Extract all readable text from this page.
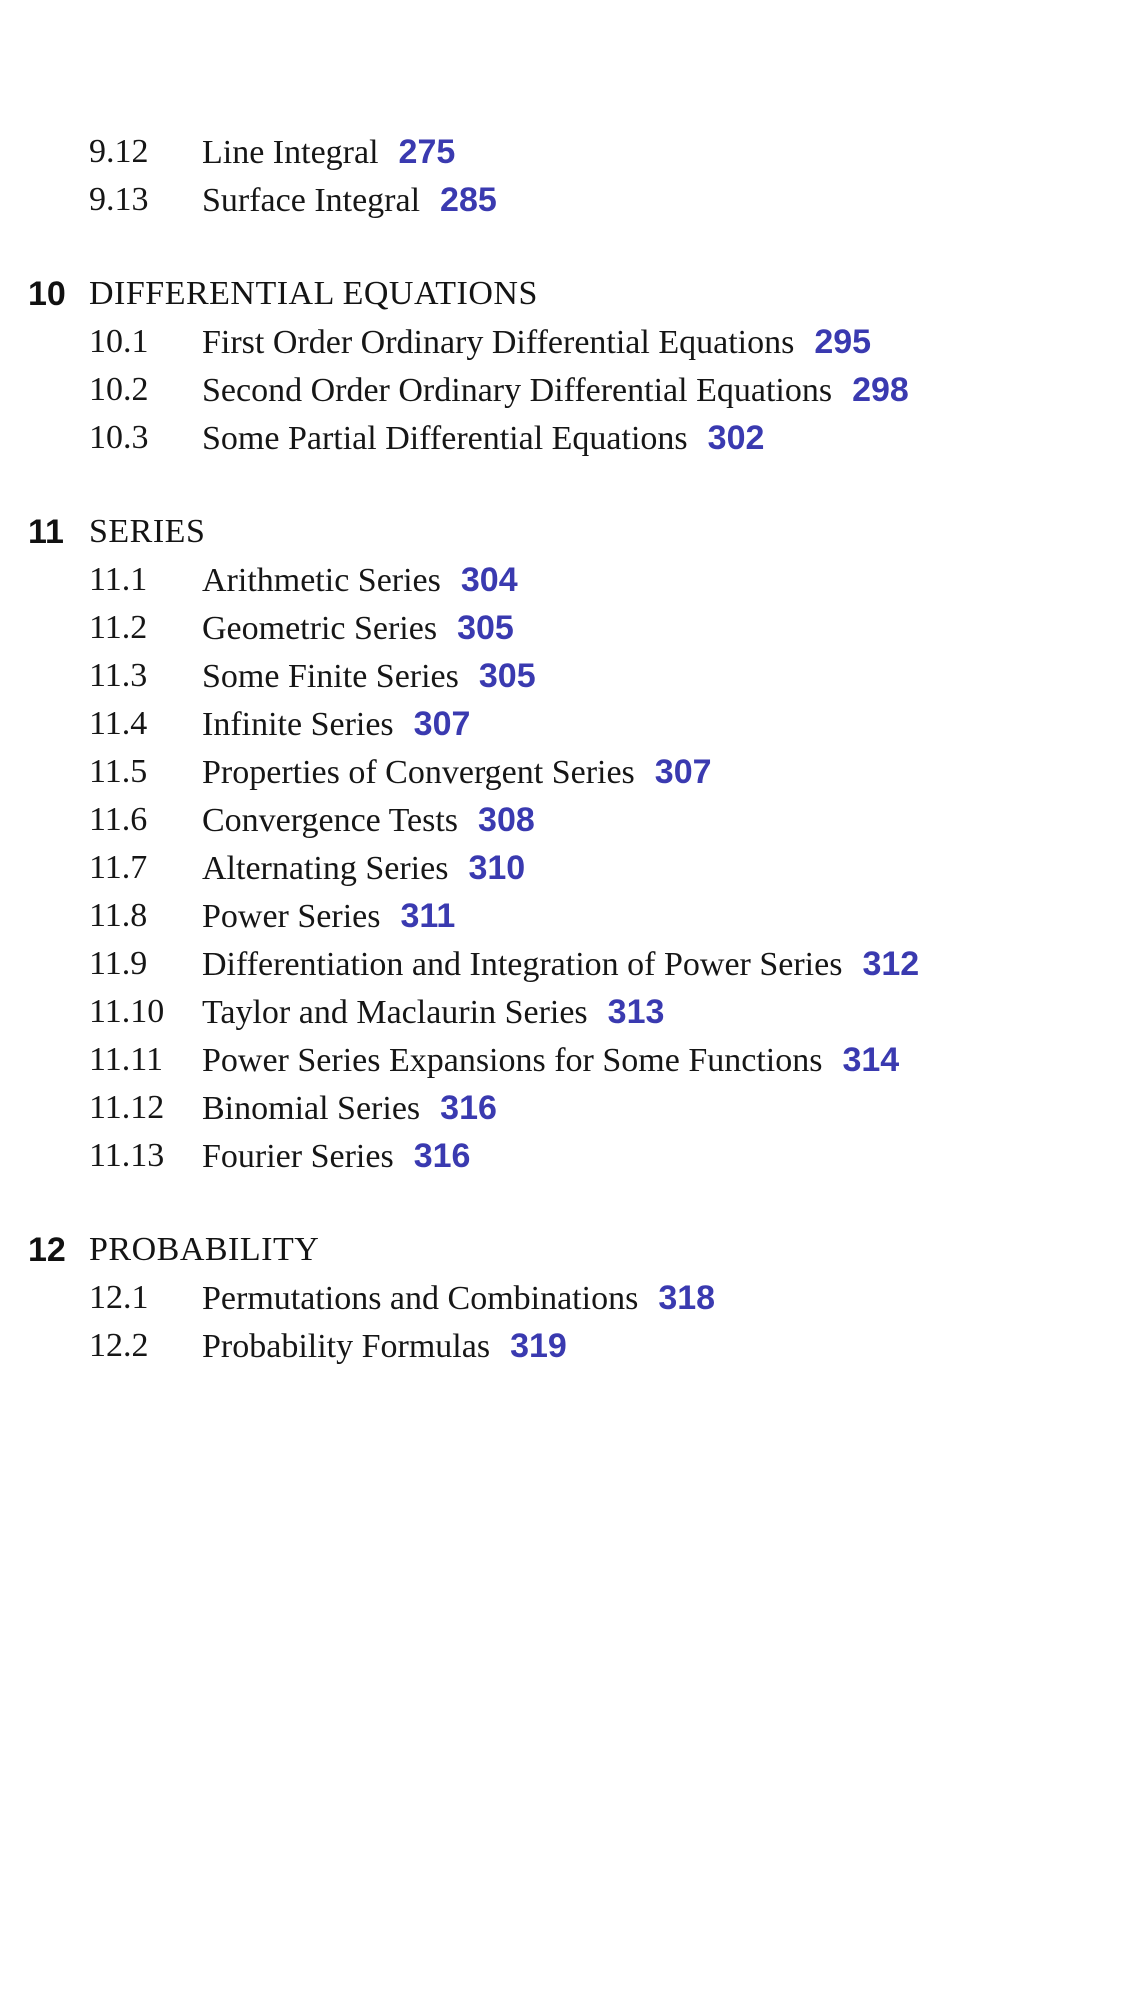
9.12 Line Integral 275
9.13 Surface Integral 285
10 DIFFERENTIAL EQUATIONS
10.1 First Order Ordinary Differential Equations 295
10.2 Second Order Ordinary Differential Equations 298
10.3 Some Partial Differential Equations 302
11 SERIES
11.1 Arithmetic Series 304
11.2 Geometric Series 305
11.3 Some Finite Series 305
11.4 Infinite Series 307
11.5 Properties of Convergent Series 307
11.6 Convergence Tests 308
11.7 Alternating Series 310
11.8 Power Series 311
11.9 Differentiation and Integration of Power Series 312
11.10 Taylor and Maclaurin Series 313
11.11 Power Series Expansions for Some Functions 314
11.12 Binomial Series 316
11.13 Fourier Series 316
12 PROBABILITY
12.1 Permutations and Combinations 318
12.2 Probability Formulas 319
